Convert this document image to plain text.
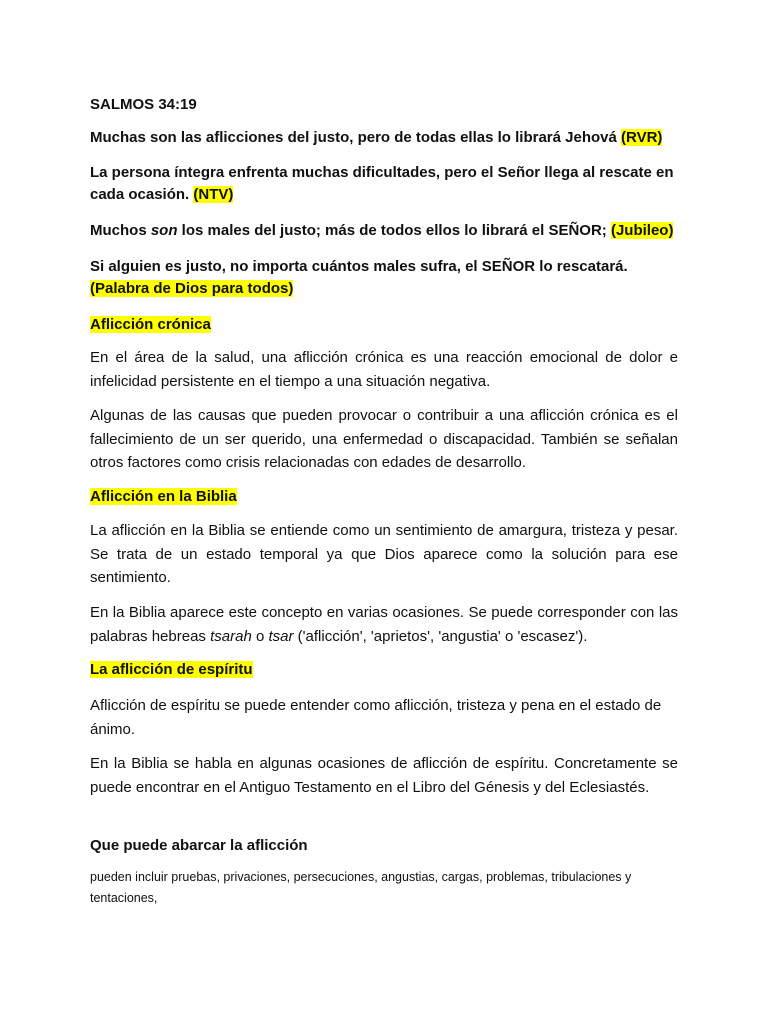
SALMOS 34:19

Muchas son las aflicciones del justo, pero de todas ellas lo librará Jehová (RVR)

La persona íntegra enfrenta muchas dificultades, pero el Señor llega al rescate en cada ocasión. (NTV)

Muchos son los males del justo; más de todos ellos lo librará el SEÑOR; (Jubileo)

Si alguien es justo, no importa cuántos males sufra, el SEÑOR lo rescatará.
(Palabra de Dios para todos)

Aflicción crónica

En el área de la salud, una aflicción crónica es una reacción emocional de dolor e infelicidad persistente en el tiempo a una situación negativa.

Algunas de las causas que pueden provocar o contribuir a una aflicción crónica es el fallecimiento de un ser querido, una enfermedad o discapacidad. También se señalan otros factores como crisis relacionadas con edades de desarrollo.

Aflicción en la Biblia

La aflicción en la Biblia se entiende como un sentimiento de amargura, tristeza y pesar. Se trata de un estado temporal ya que Dios aparece como la solución para ese sentimiento.

En la Biblia aparece este concepto en varias ocasiones. Se puede corresponder con las palabras hebreas tsarah o tsar ('aflicción', 'aprietos', 'angustia' o 'escasez').

La aflicción de espíritu

Aflicción de espíritu se puede entender como aflicción, tristeza y pena en el estado de ánimo.

En la Biblia se habla en algunas ocasiones de aflicción de espíritu. Concretamente se puede encontrar en el Antiguo Testamento en el Libro del Génesis y del Eclesiastés.

Que puede abarcar la aflicción

pueden incluir pruebas, privaciones, persecuciones, angustias, cargas, problemas, tribulaciones y tentaciones,
